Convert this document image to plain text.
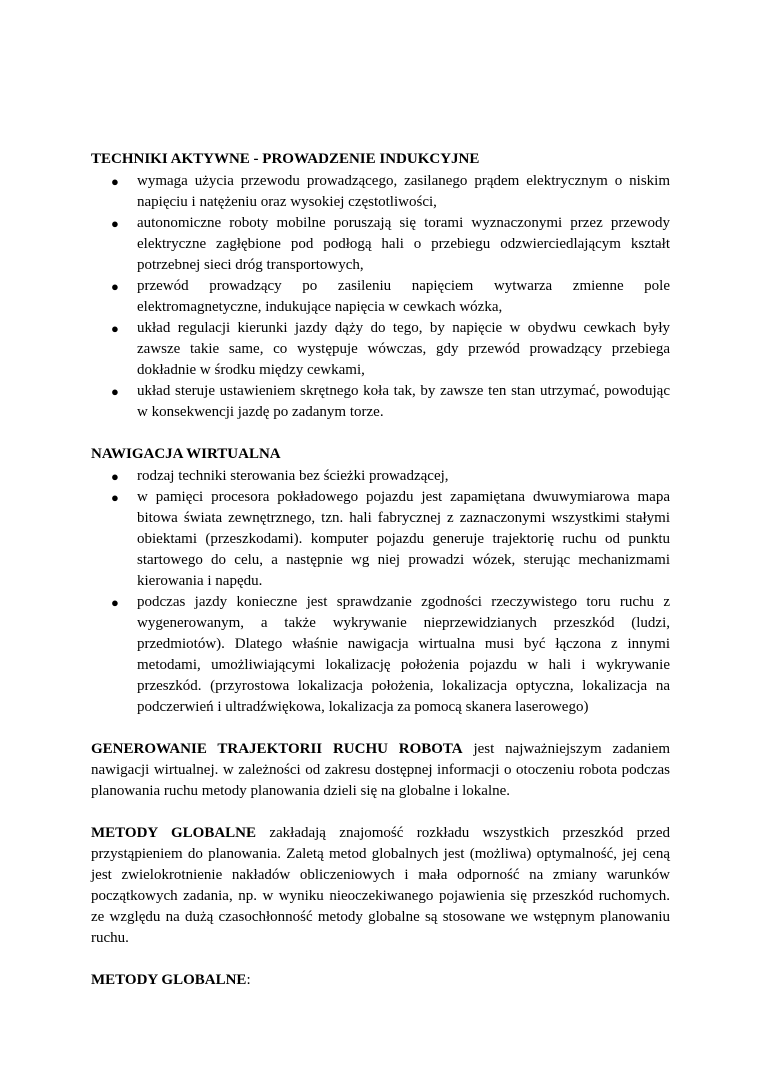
TECHNIKI AKTYWNE - PROWADZENIE INDUKCYJNE

● wymaga użycia przewodu prowadzącego, zasilanego prądem elektrycznym o niskim napięciu i natężeniu oraz wysokiej częstotliwości,
● autonomiczne roboty mobilne poruszają się torami wyznaczonymi przez przewody elektryczne zagłębione pod podłogą hali o przebiegu odzwierciedlającym kształt potrzebnej sieci dróg transportowych,
● przewód prowadzący po zasileniu napięciem wytwarza zmienne pole elektromagnetyczne, indukujące napięcia w cewkach wózka,
● układ regulacji kierunki jazdy dąży do tego, by napięcie w obydwu cewkach były zawsze takie same, co występuje wówczas, gdy przewód prowadzący przebiega dokładnie w środku między cewkami,
● układ steruje ustawieniem skrętnego koła tak, by zawsze ten stan utrzymać, powodując w konsekwencji jazdę po zadanym torze.

NAWIGACJA WIRTUALNA

● rodzaj techniki sterowania bez ścieżki prowadzącej,
● w pamięci procesora pokładowego pojazdu jest zapamiętana dwuwymiarowa mapa bitowa świata zewnętrznego, tzn. hali fabrycznej z zaznaczonymi wszystkimi stałymi obiektami (przeszkodami). komputer pojazdu generuje trajektorię ruchu od punktu startowego do celu, a następnie wg niej prowadzi wózek, sterując mechanizmami kierowania i napędu.
● podczas jazdy konieczne jest sprawdzanie zgodności rzeczywistego toru ruchu z wygenerowanym, a także wykrywanie nieprzewidzianych przeszkód (ludzi, przedmiotów). Dlatego właśnie nawigacja wirtualna musi być łączona z innymi metodami, umożliwiającymi lokalizację położenia pojazdu w hali i wykrywanie przeszkód. (przyrostowa lokalizacja położenia, lokalizacja optyczna, lokalizacja na podczerwień i ultradźwiękowa, lokalizacja za pomocą skanera laserowego)

GENEROWANIE TRAJEKTORII RUCHU ROBOTA jest najważniejszym zadaniem nawigacji wirtualnej. w zależności od zakresu dostępnej informacji o otoczeniu robota podczas planowania ruchu metody planowania dzieli się na globalne i lokalne.

METODY GLOBALNE zakładają znajomość rozkładu wszystkich przeszkód przed przystąpieniem do planowania. Zaletą metod globalnych jest (możliwa) optymalność, jej ceną jest zwielokrotnienie nakładów obliczeniowych i mała odporność na zmiany warunków początkowych zadania, np. w wyniku nieoczekiwanego pojawienia się przeszkód ruchomych. ze względu na dużą czasochłonność metody globalne są stosowane we wstępnym planowaniu ruchu.

METODY GLOBALNE:
